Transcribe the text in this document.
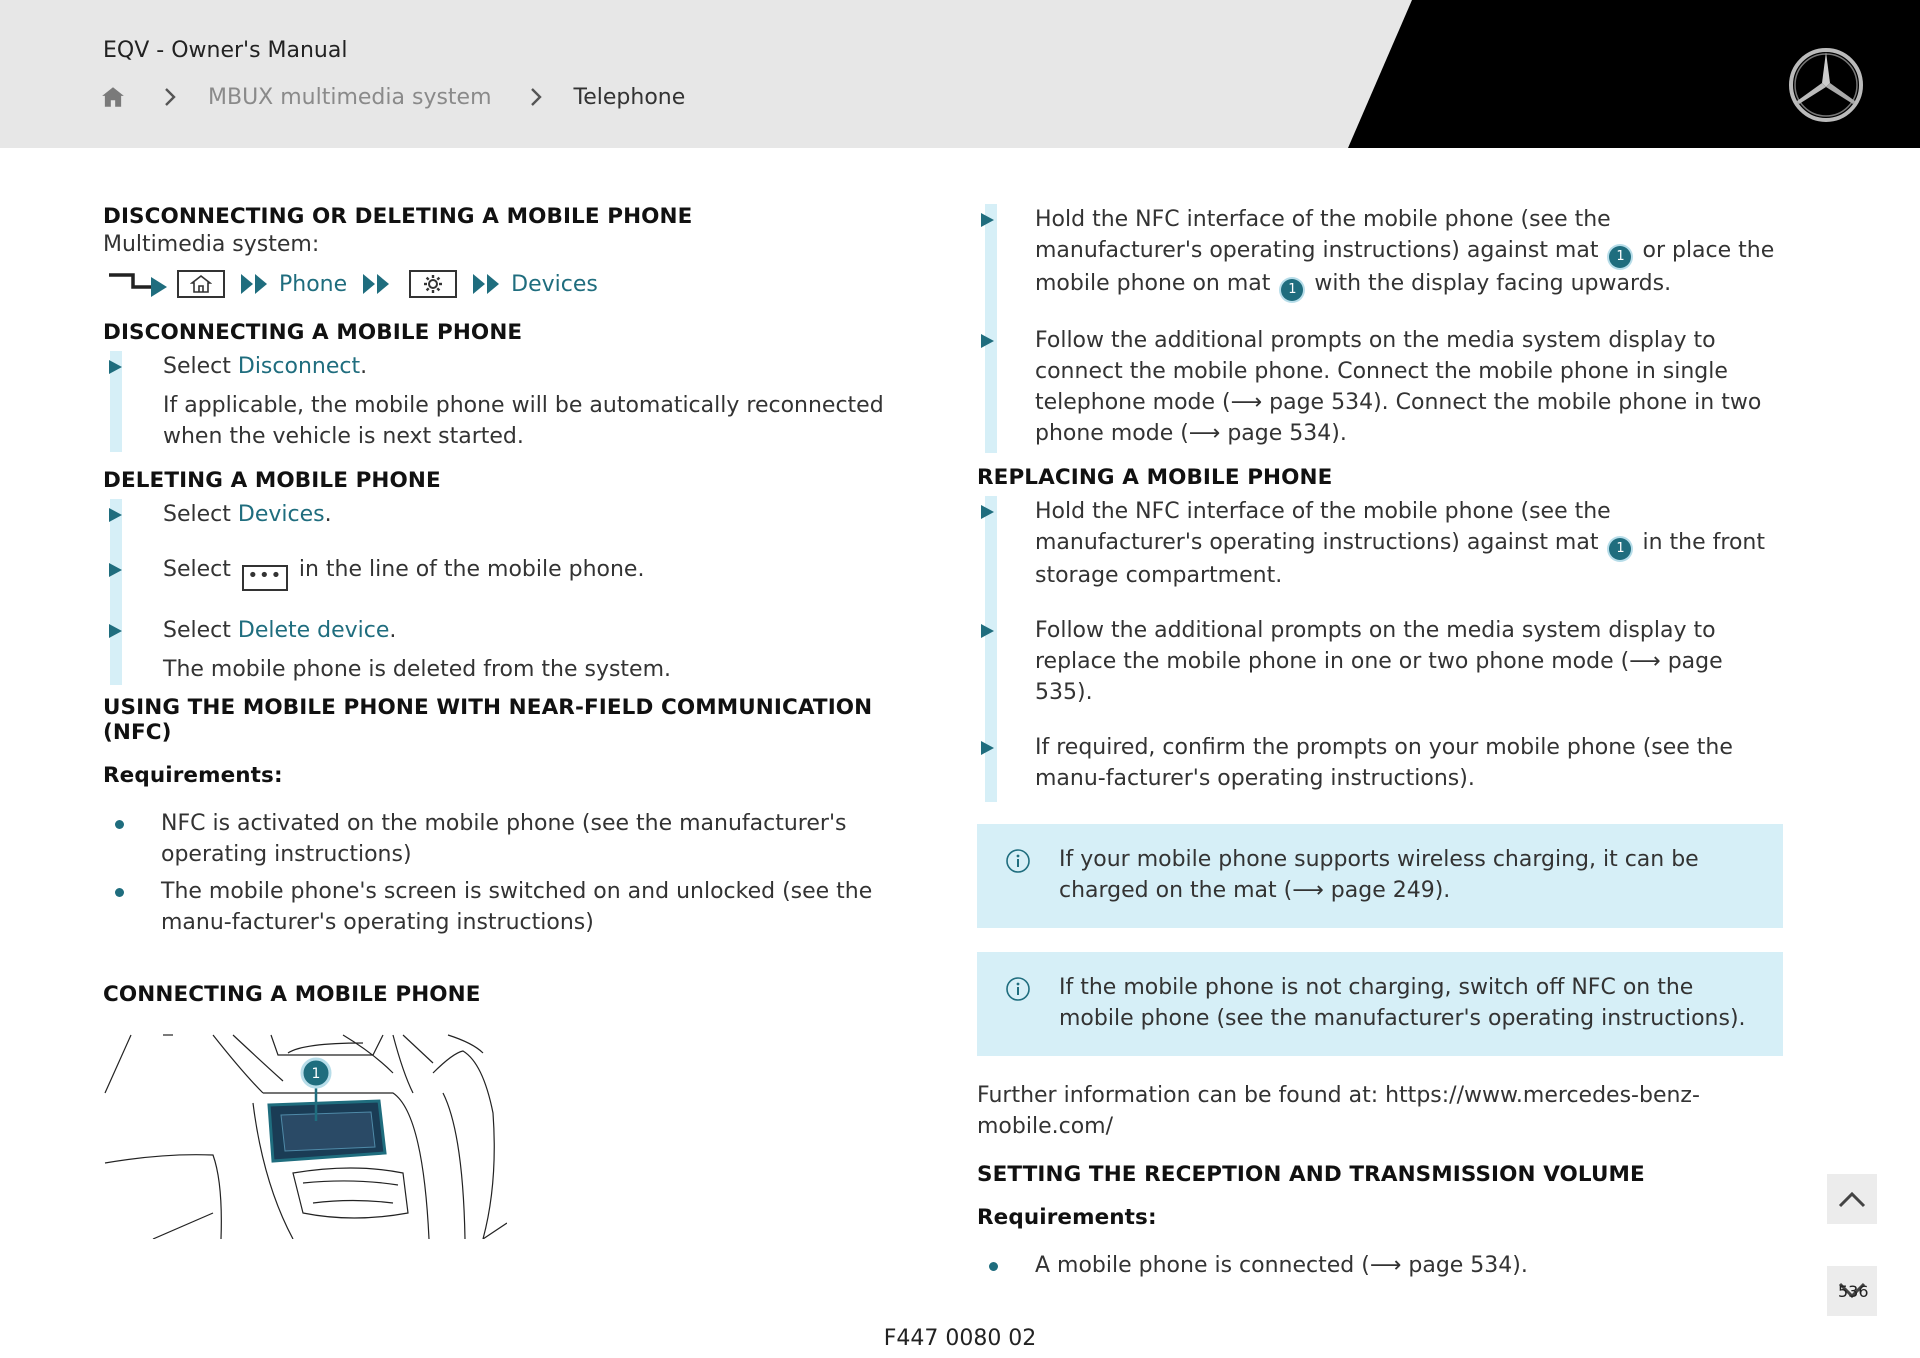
EQV - Owner's Manual
MBUX multimedia system	Telephone
DISCONNECTING OR DELETING A MOBILE PHONE
Multimedia system:
Phone	Devices
DISCONNECTING A MOBILE PHONE
Select Disconnect.
If applicable, the mobile phone will be automatically reconnected when the vehicle is next started.
DELETING A MOBILE PHONE
Select Devices.
Select ••• in the line of the mobile phone.
Select Delete device.
The mobile phone is deleted from the system.
USING THE MOBILE PHONE WITH NEAR-FIELD COMMUNICATION (NFC)
Requirements:
NFC is activated on the mobile phone (see the manufacturer's operating instructions)
The mobile phone's screen is switched on and unlocked (see the manu-facturer's operating instructions)
CONNECTING A MOBILE PHONE
1
Hold the NFC interface of the mobile phone (see the manufacturer's operating instructions) against mat 1 or place the mobile phone on mat 1 with the display facing upwards.
Follow the additional prompts on the media system display to connect the mobile phone. Connect the mobile phone in single telephone mode (⟶ page 534). Connect the mobile phone in two phone mode (⟶ page 534).
REPLACING A MOBILE PHONE
Hold the NFC interface of the mobile phone (see the manufacturer's operating instructions) against mat 1 in the front storage compartment.
Follow the additional prompts on the media system display to replace the mobile phone in one or two phone mode (⟶ page 535).
If required, confirm the prompts on your mobile phone (see the manu-facturer's operating instructions).
If your mobile phone supports wireless charging, it can be charged on the mat (⟶ page 249).
If the mobile phone is not charging, switch off NFC on the mobile phone (see the manufacturer's operating instructions).
Further information can be found at: https://www.mercedes-benz-mobile.com/
SETTING THE RECEPTION AND TRANSMISSION VOLUME
Requirements:
A mobile phone is connected (⟶ page 534).
536
F447 0080 02
